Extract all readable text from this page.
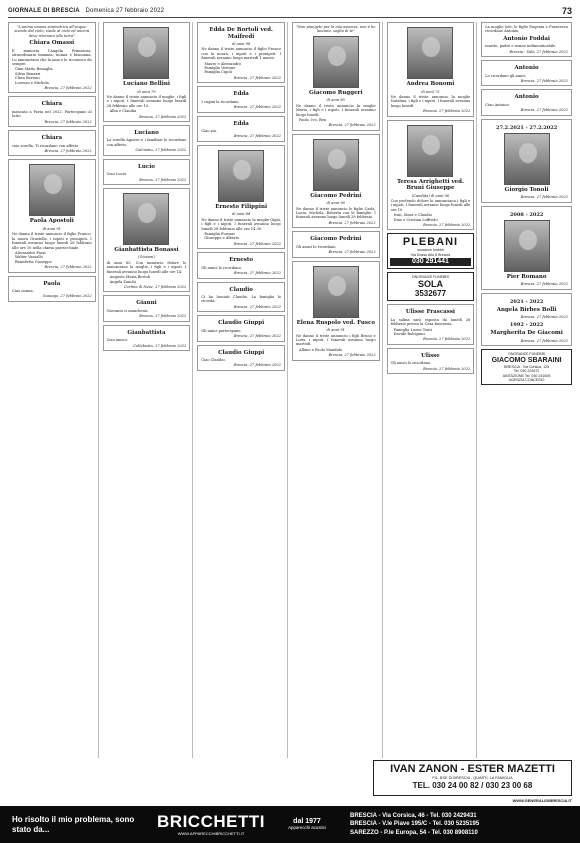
GIORNALE DI BRESCIA Domenica 27 febbraio 2022	73
"L'anima umana simmetrica all'acqua: scende dal cielo, risale al cielo ed ancora deve ritornare alla terra"
Chiara Omassi
È mancata l'Angela Primarosa, straordinaria mamma, nonna e bisnonna. Lo annunciano che la ama e le riconosce da sempre.
Gian Mario Bonaglia
Silvia Bonazzi
Clara Bertoni
Lorenzo e Michela
Brescia, 27 febbraio 2022
Chiara
mancata a Pavia nel 2022. Partecipano al lutto.
Brescia, 27 febbraio 2022
Chiara
ciao sorella. Ti ricordano con affetto.
Brescia, 27 febbraio 2022
Paola Apostoli
di anni 91
Ne danno il triste annuncio il figlio Franco, la nuora Graziella, i nipoti e pronipoti. I funerali avranno luogo lunedì 28 febbraio alle ore 10 nella chiesa parrocchiale.
Alessandro Parzi
Walter Vassallo
Benedetta Gioseppe
Brescia, 27 febbraio 2022
Paola
Ciao nonna.
Gussago, 27 febbraio 2022
Luciano Bellini
di anni 79
Ne danno il triste annuncio il moglie, i figli e i nipoti. I funerali avranno luogo lunedì 28 febbraio alle ore 10.
Alba e Claudia
Brescia, 27 febbraio 2022
Luciano
La sorella Agnese e i familiari lo ricordano con affetto.
Calcinato, 27 febbraio 2022
Lucio
Ciao Lucio.
Brescia, 27 febbraio 2022
Gianbattista Bonassi
(Giovani)
di anni 85. Con immenso dolore lo annunciano la moglie, i figli e i nipoti. I funerali avranno luogo lunedì alle ore 14.
Augusto Maria Bertoli
Angela Zanchi
Cortine di Nave, 27 febbraio 2022
Gianni
Giovanni ci mancherai.
Brescia, 27 febbraio 2022
Gianbattista
Ciao amico.
Collebeato, 27 febbraio 2022
Edda De Bortoli ved. Maifredi
di anni 98
Ne danno il triste annuncio il figlio Franco con la nuora, i nipoti e i pronipoti. I funerali avranno luogo martedì 1 marzo.
Mauro e Alessandro
Famiglia Vestone
Famiglia Cigoli
Brescia, 27 febbraio 2022
Edda
I cugini la ricordano.
Brescia, 27 febbraio 2022
Edda
Ciao zia.
Brescia, 27 febbraio 2022
Ernesto Filippini
di anni 88
Ne danno il triste annuncio la moglie Gigia, i figli e i nipoti. I funerali avranno luogo lunedì 28 febbraio alle ore 14.30.
Famiglia Fornari
Giuseppe e Alberto
Brescia, 27 febbraio 2022
Ernesto
Gli amici lo ricordano.
Brescia, 27 febbraio 2022
Claudio
Ci ha lasciati Claudio. La famiglia lo ricorda.
Brescia, 27 febbraio 2022
Claudio Giuppi
Gli amici partecipano.
Brescia, 27 febbraio 2022
Claudio Giuppi
Ciao Claudio.
Brescia, 27 febbraio 2022
"Non piangete per la mia assenza, non è ho lasciato, soglio di te"
Giacomo Ruggeri
di anni 85
Ne danno il triste annuncio la moglie Maria, i figli e i nipoti. I funerali avranno luogo lunedì.
Paolo, Ivo, Ben
Brescia, 27 febbraio 2022
Giacomo Pedrini
di anni 90
Ne danno il triste annuncio le figlie Carla, Lucia, Michela, Roberta con le famiglie. I funerali avranno luogo lunedì 28 febbraio.
Brescia, 27 febbraio 2022
Giacomo Pedrini
Gli amici lo ricordano.
Brescia, 27 febbraio 2022
Elena Ruspolo ved. Fusco
di anni 91
Ne danno il triste annuncio i figli Bruno e Loris, i nipoti. I funerali avranno luogo martedì.
Albino e Paolo Mandulo
Brescia, 27 febbraio 2022
Andrea Bonomi
di anni 73
Ne danno il triste annuncio la moglie Natalina, i figli e i nipoti. I funerali avranno luogo lunedì.
Brescia, 27 febbraio 2022
Teresa Arrighetti ved. Bruni Giuseppe
(Candida) di anni 96
Con profondo dolore lo annunciano i figli e i nipoti. I funerali avranno luogo lunedì alle ore 10.
Ivan, Mara e Claudio
Dino e Cristian Loffredo
Brescia, 27 febbraio 2022
PLEBANI
onoranze funebri
Via Dosso Alto 8 Brescia
030 291441
ONORANZE FUNEBRI
SOLA
3532677
Ulisse Frascassi
La salma sarà esposta da lunedì 28 febbraio presso la Casa funeraria.
Famiglia Leone Tonti
Davide Bolognini
Brescia, 27 febbraio 2022
Ulisse
Gli amici lo ricordano.
Brescia, 27 febbraio 2022
La moglie Iole, le figlie Eugenia e Francesca ricordano Antonio.
Antonio Foddai
marito, padre e nonno indimenticabile.
Brescia - Salò, 27 febbraio 2022
Antonio
Lo ricordano gli amici.
Brescia, 27 febbraio 2022
Antonio
Ciao Antonio.
Brescia, 27 febbraio 2022
27.2.2021 - 27.2.2022
Giorgio Tonoli
Brescia, 27 febbraio 2022
2008 - 2022
Pier Romano
Brescia, 27 febbraio 2022
2021 - 2022
Angela Birbes Bolli
Brescia, 27 febbraio 2022
1992 - 2022
Margherita De Giacomi
Brescia, 27 febbraio 2022
ONORANZE FUNEBRI
GIACOMO SBARAINI
BRESCIA - Via Corsica, 125
Tel. 030 222672
ABITAZIONE Tel. 030 241605
AGENZIA CONCESIO
IVAN ZANON - ESTER MAZETTI
FIL. BSE DI BRESCIA - QUARTI. LA FAMIGLIA
TEL. 030 24 00 82 / 030 23 00 68
WWW.GENERALIDIBRESCIA.IT
Ho risolto il mio problema, sono stato da...	BRICCHETTI
WWW.APPARECCHIBRICCHETTI.IT
dal 1977
Apparecchi acustici
BRESCIA - Via Corsica, 46 - Tel. 030 2429431
BRESCIA - V.le Piave 195/C - Tel. 030 5235195
SAREZZO - P.le Europa, 54 - Tel. 030 8908110
